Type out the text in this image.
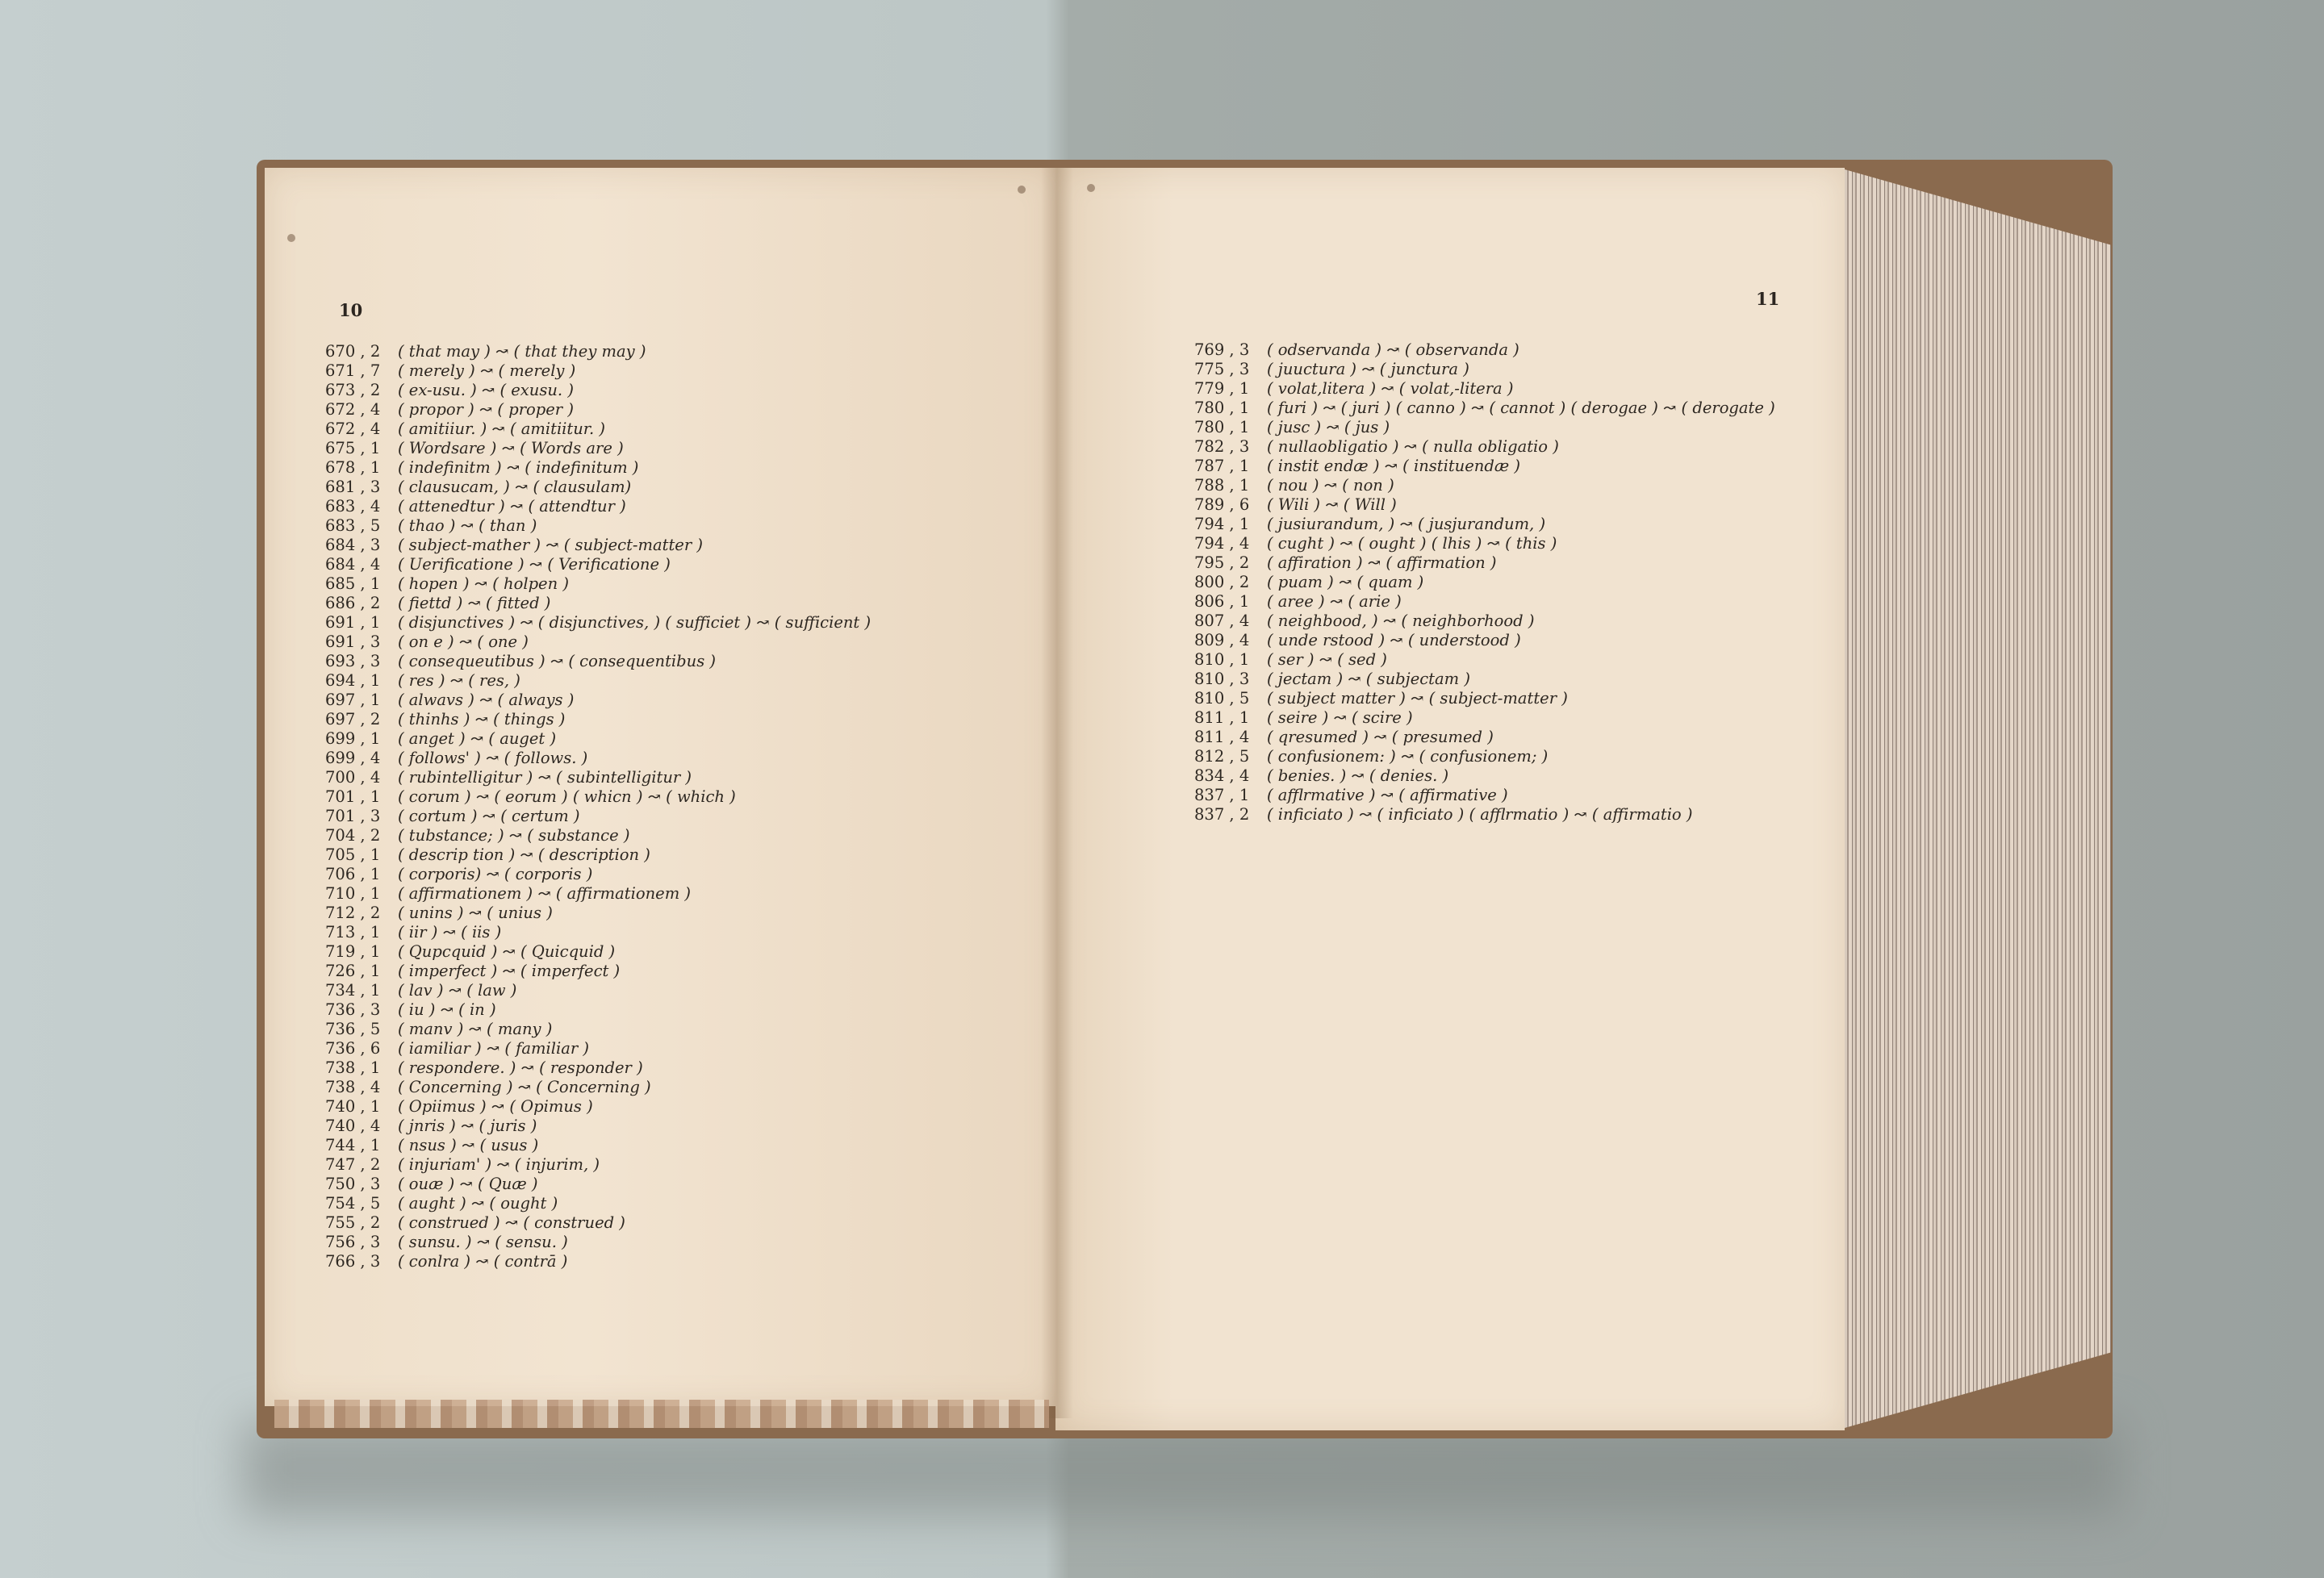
10
11
670 , 2	( that may ) ↝ ( that they may )
671 , 7	( merely ) ↝ ( merely )
673 , 2	( ex-usu. ) ↝ ( exusu. )
672 , 4	( propor ) ↝ ( proper )
672 , 4	( amitiiur. ) ↝ ( amitiitur. )
675 , 1	( Wordsare ) ↝ ( Words are )
678 , 1	( indefinitm ) ↝ ( indefinitum )
681 , 3	( clausucam, ) ↝ ( clausulam)
683 , 4	( attenedtur ) ↝ ( attendtur )
683 , 5	( thao ) ↝ ( than )
684 , 3	( subject-mather ) ↝ ( subject-matter )
684 , 4	( Uerificatione ) ↝ ( Verificatione )
685 , 1	( hopen ) ↝ ( holpen )
686 , 2	( fiettd ) ↝ ( fitted )
691 , 1	( disjunctives ) ↝ ( disjunctives, ) ( sufficiet ) ↝ ( sufficient )
691 , 3	( on e ) ↝ ( one )
693 , 3	( consequeutibus ) ↝ ( consequentibus )
694 , 1	( res ) ↝ ( res, )
697 , 1	( alwavs ) ↝ ( always )
697 , 2	( thinhs ) ↝ ( things )
699 , 1	( anget ) ↝ ( auget )
699 , 4	( follows' ) ↝ ( follows. )
700 , 4	( rubintelligitur ) ↝ ( subintelligitur )
701 , 1	( corum ) ↝ ( eorum ) ( whicn ) ↝ ( which )
701 , 3	( cortum ) ↝ ( certum )
704 , 2	( tubstance; ) ↝ ( substance )
705 , 1	( descrip tion ) ↝ ( description )
706 , 1	( corporis) ↝ ( corporis )
710 , 1	( affirmationem ) ↝ ( affirmationem )
712 , 2	( unins ) ↝ ( unius )
713 , 1	( iir ) ↝ ( iis )
719 , 1	( Qupcquid ) ↝ ( Quicquid )
726 , 1	( imperfect ) ↝ ( imperfect )
734 , 1	( lav ) ↝ ( law )
736 , 3	( iu ) ↝ ( in )
736 , 5	( manv ) ↝ ( many )
736 , 6	( iamiliar ) ↝ ( familiar )
738 , 1	( respondere. ) ↝ ( responder )
738 , 4	( Concerning ) ↝ ( Concerning )
740 , 1	( Opiimus ) ↝ ( Opimus )
740 , 4	( jnris ) ↝ ( juris )
744 , 1	( nsus ) ↝ ( usus )
747 , 2	( injuriam' ) ↝ ( injurim, )
750 , 3	( ouæ ) ↝ ( Quæ )
754 , 5	( aught ) ↝ ( ought )
755 , 2	( construed ) ↝ ( construed )
756 , 3	( sunsu. ) ↝ ( sensu. )
766 , 3	( conlra ) ↝ ( contrā )
769 , 3	( odservanda ) ↝ ( observanda )
775 , 3	( juuctura ) ↝ ( junctura )
779 , 1	( volat,litera ) ↝ ( volat,-litera )
780 , 1	( furi ) ↝ ( juri ) ( canno ) ↝ ( cannot ) ( derogae ) ↝ ( derogate )
780 , 1	( jusc ) ↝ ( jus )
782 , 3	( nullaobligatio ) ↝ ( nulla obligatio )
787 , 1	( instit endæ ) ↝ ( instituendæ )
788 , 1	( nou ) ↝ ( non )
789 , 6	( Wili ) ↝ ( Will )
794 , 1	( jusiurandum, ) ↝ ( jusjurandum, )
794 , 4	( cught ) ↝ ( ought ) ( lhis ) ↝ ( this )
795 , 2	( affiration ) ↝ ( affirmation )
800 , 2	( puam ) ↝ ( quam )
806 , 1	( aree ) ↝ ( arie )
807 , 4	( neighbood, ) ↝ ( neighborhood )
809 , 4	( unde rstood ) ↝ ( understood )
810 , 1	( ser ) ↝ ( sed )
810 , 3	( jectam ) ↝ ( subjectam )
810 , 5	( subject matter ) ↝ ( subject-matter )
811 , 1	( seire ) ↝ ( scire )
811 , 4	( qresumed ) ↝ ( presumed )
812 , 5	( confusionem: ) ↝ ( confusionem; )
834 , 4	( benies. ) ↝ ( denies. )
837 , 1	( afflrmative ) ↝ ( affirmative )
837 , 2	( inficiato ) ↝ ( inficiato ) ( afflrmatio ) ↝ ( affirmatio )
